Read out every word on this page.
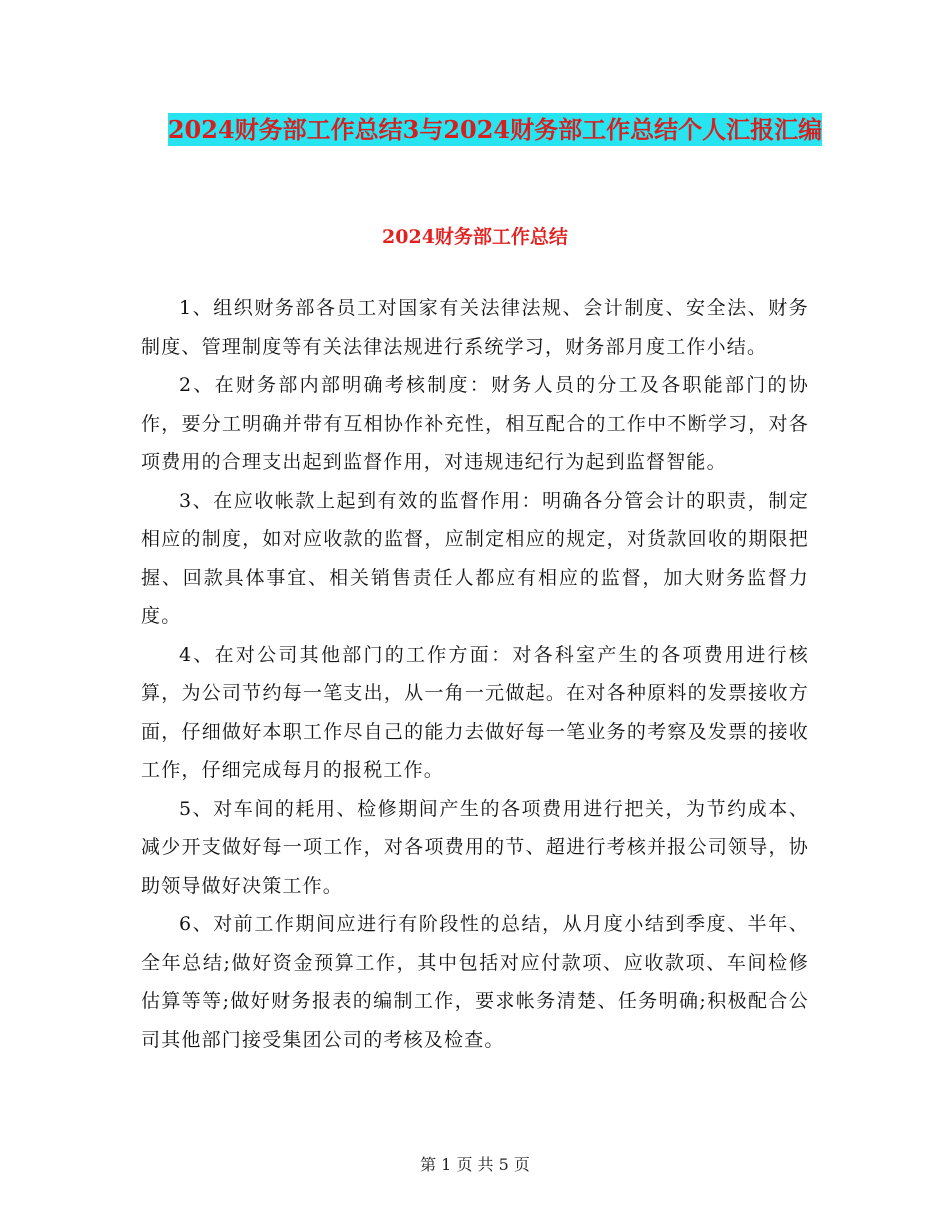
2024财务部工作总结3与2024财务部工作总结个人汇报汇编
2024财务部工作总结

1、组织财务部各员工对国家有关法律法规、会计制度、安全法、财务制度、管理制度等有关法律法规进行系统学习，财务部月度工作小结。

2、在财务部内部明确考核制度：财务人员的分工及各职能部门的协作，要分工明确并带有互相协作补充性，相互配合的工作中不断学习，对各项费用的合理支出起到监督作用，对违规违纪行为起到监督智能。

3、在应收帐款上起到有效的监督作用：明确各分管会计的职责，制定相应的制度，如对应收款的监督，应制定相应的规定，对货款回收的期限把握、回款具体事宜、相关销售责任人都应有相应的监督，加大财务监督力度。

4、在对公司其他部门的工作方面：对各科室产生的各项费用进行核算，为公司节约每一笔支出，从一角一元做起。在对各种原料的发票接收方面，仔细做好本职工作尽自己的能力去做好每一笔业务的考察及发票的接收工作，仔细完成每月的报税工作。

5、对车间的耗用、检修期间产生的各项费用进行把关，为节约成本、减少开支做好每一项工作，对各项费用的节、超进行考核并报公司领导，协助领导做好决策工作。

6、对前工作期间应进行有阶段性的总结，从月度小结到季度、半年、全年总结;做好资金预算工作，其中包括对应付款项、应收款项、车间检修估算等等;做好财务报表的编制工作，要求帐务清楚、任务明确;积极配合公司其他部门接受集团公司的考核及检查。

第 1 页 共 5 页
